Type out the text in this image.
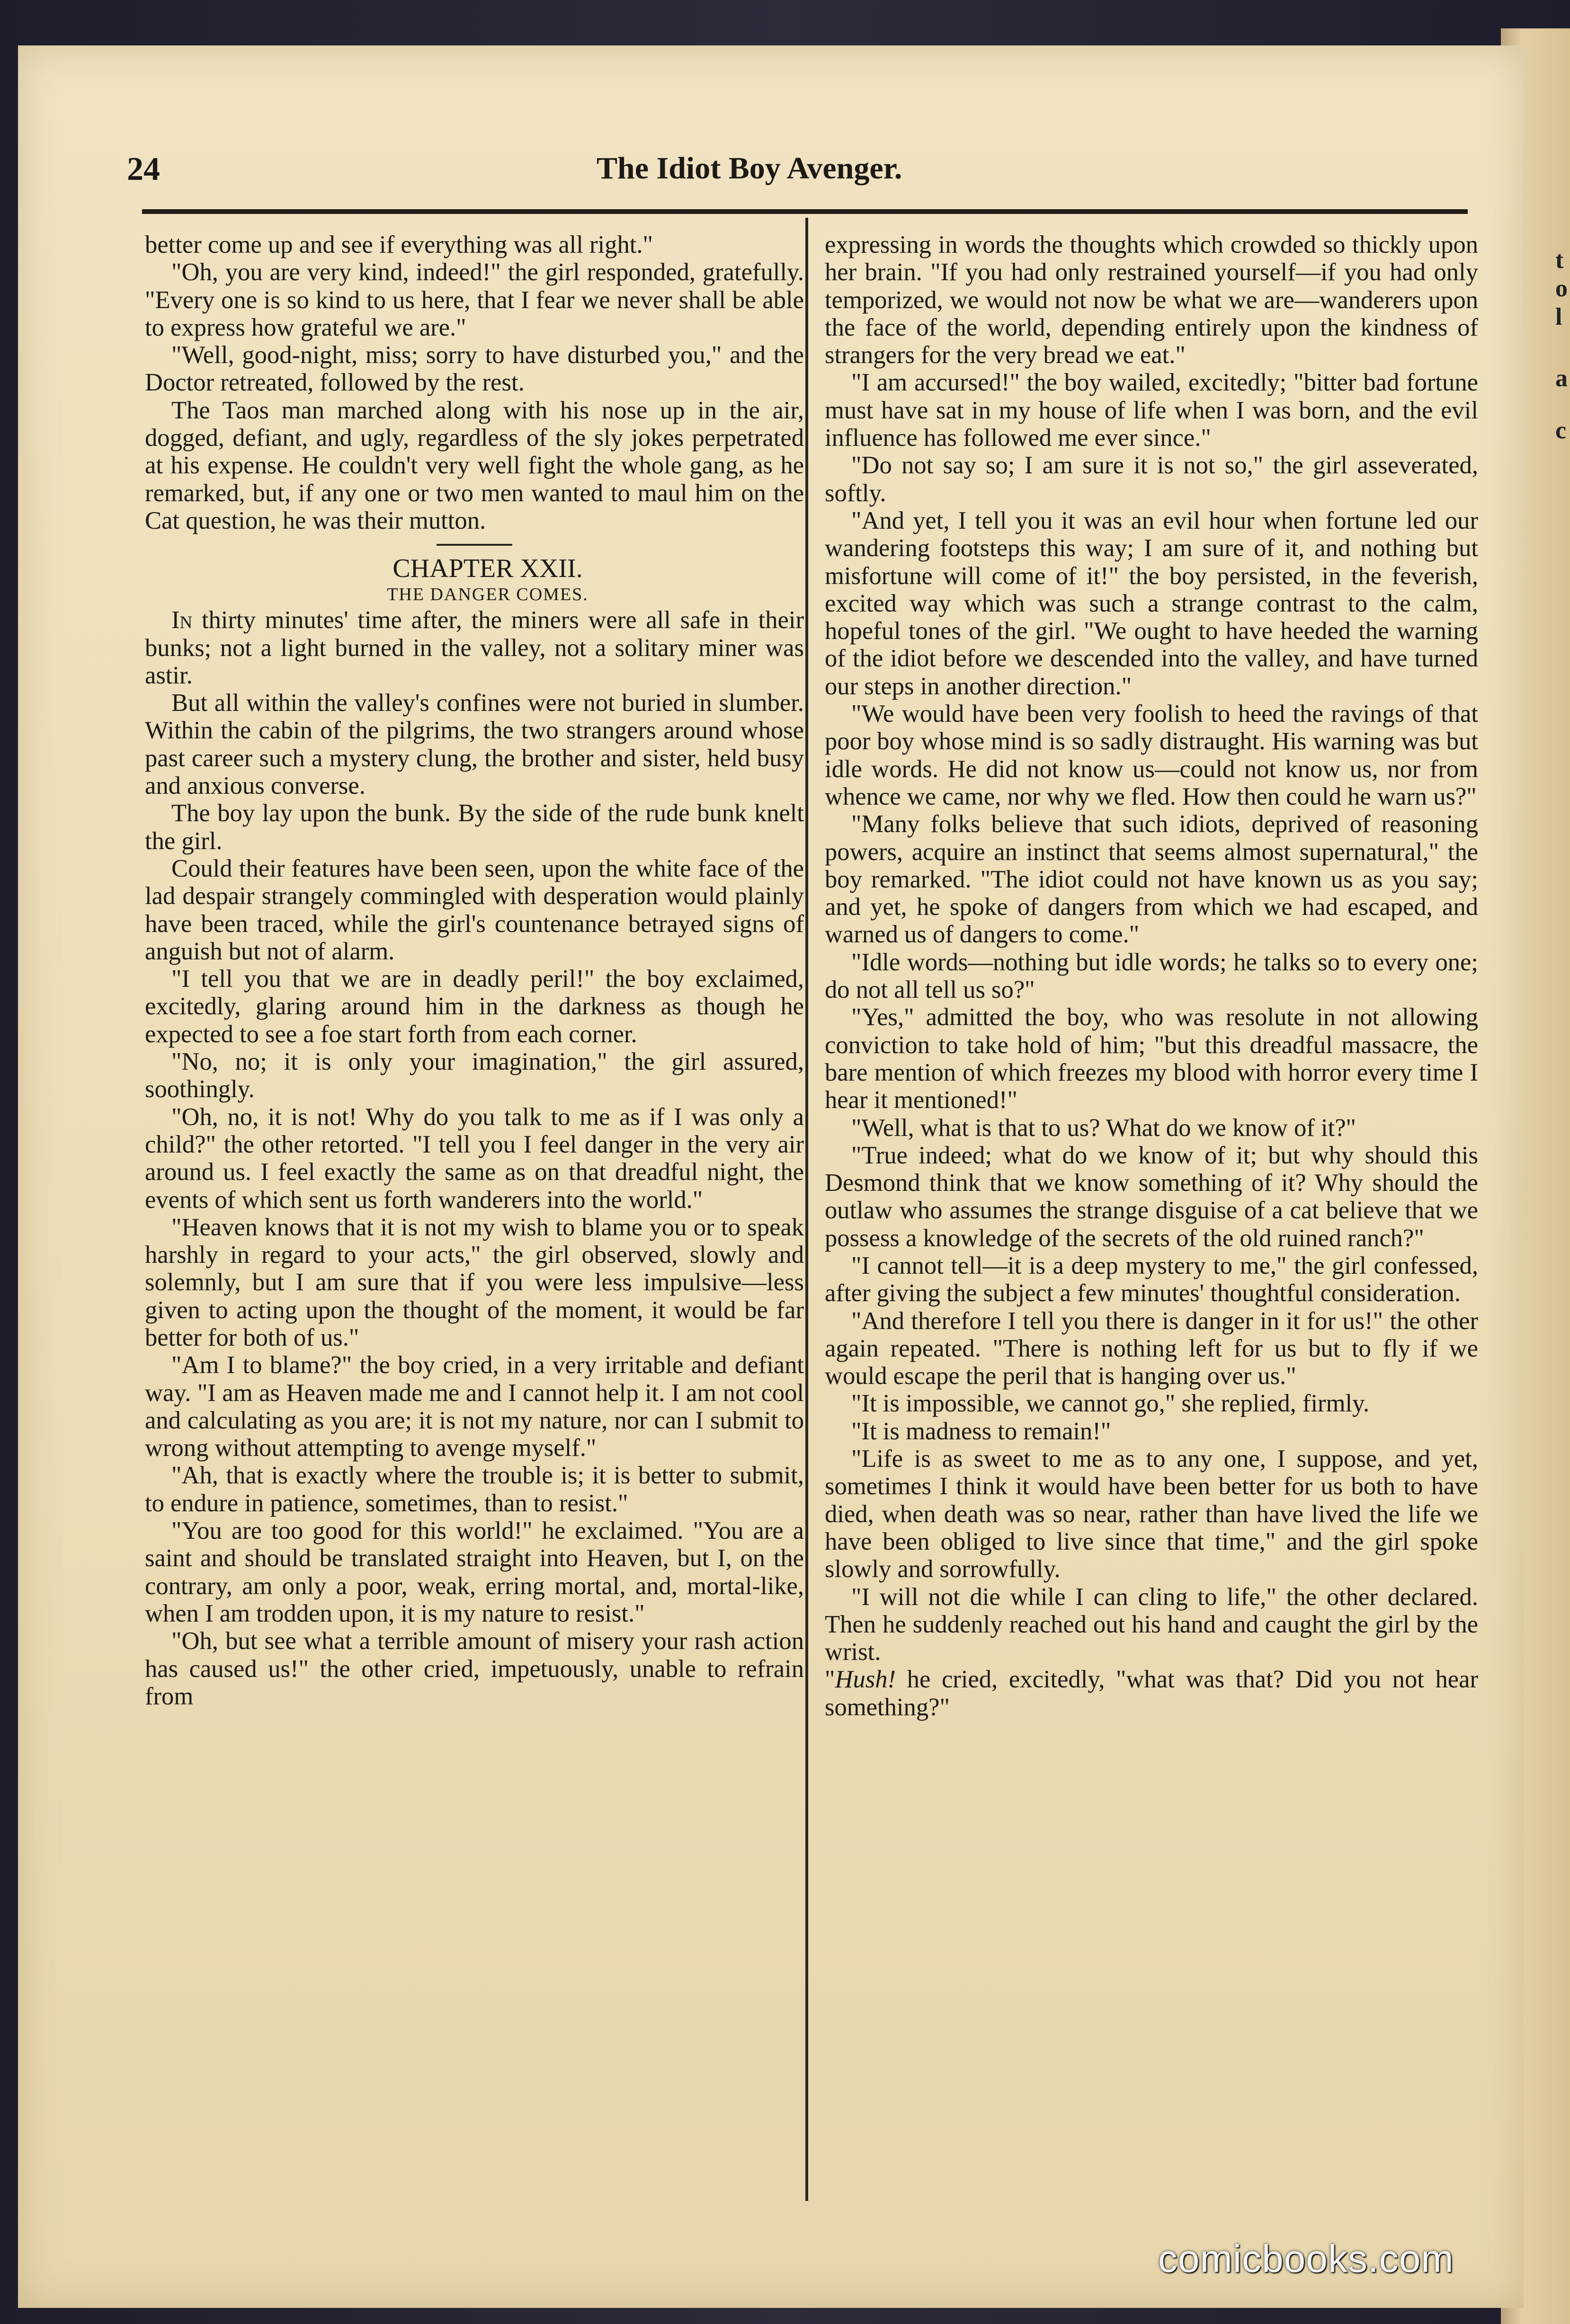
t
o
l
a
c
24	The Idiot Boy Avenger.

better come up and see if everything was all right."

"Oh, you are very kind, indeed!" the girl responded, gratefully. "Every one is so kind to us here, that I fear we never shall be able to express how grateful we are."

"Well, good-night, miss; sorry to have disturbed you," and the Doctor retreated, followed by the rest.

The Taos man marched along with his nose up in the air, dogged, defiant, and ugly, regardless of the sly jokes perpetrated at his expense. He couldn't very well fight the whole gang, as he remarked, but, if any one or two men wanted to maul him on the Cat question, he was their mutton.

CHAPTER XXII.

THE DANGER COMES.

In thirty minutes' time after, the miners were all safe in their bunks; not a light burned in the valley, not a solitary miner was astir.

But all within the valley's confines were not buried in slumber. Within the cabin of the pilgrims, the two strangers around whose past career such a mystery clung, the brother and sister, held busy and anxious converse.

The boy lay upon the bunk. By the side of the rude bunk knelt the girl.

Could their features have been seen, upon the white face of the lad despair strangely commingled with desperation would plainly have been traced, while the girl's countenance betrayed signs of anguish but not of alarm.

"I tell you that we are in deadly peril!" the boy exclaimed, excitedly, glaring around him in the darkness as though he expected to see a foe start forth from each corner.

"No, no; it is only your imagination," the girl assured, soothingly.

"Oh, no, it is not! Why do you talk to me as if I was only a child?" the other retorted. "I tell you I feel danger in the very air around us. I feel exactly the same as on that dreadful night, the events of which sent us forth wanderers into the world."

"Heaven knows that it is not my wish to blame you or to speak harshly in regard to your acts," the girl observed, slowly and solemnly, but I am sure that if you were less impulsive—less given to acting upon the thought of the moment, it would be far better for both of us."

"Am I to blame?" the boy cried, in a very irritable and defiant way. "I am as Heaven made me and I cannot help it. I am not cool and calculating as you are; it is not my nature, nor can I submit to wrong without attempting to avenge myself."

"Ah, that is exactly where the trouble is; it is better to submit, to endure in patience, sometimes, than to resist."

"You are too good for this world!" he exclaimed. "You are a saint and should be translated straight into Heaven, but I, on the contrary, am only a poor, weak, erring mortal, and, mortal-like, when I am trodden upon, it is my nature to resist."

"Oh, but see what a terrible amount of misery your rash action has caused us!" the other cried, impetuously, unable to refrain from

expressing in words the thoughts which crowded so thickly upon her brain. "If you had only restrained yourself—if you had only temporized, we would not now be what we are—wanderers upon the face of the world, depending entirely upon the kindness of strangers for the very bread we eat."

"I am accursed!" the boy wailed, excitedly; "bitter bad fortune must have sat in my house of life when I was born, and the evil influence has followed me ever since."

"Do not say so; I am sure it is not so," the girl asseverated, softly.

"And yet, I tell you it was an evil hour when fortune led our wandering footsteps this way; I am sure of it, and nothing but misfortune will come of it!" the boy persisted, in the feverish, excited way which was such a strange contrast to the calm, hopeful tones of the girl. "We ought to have heeded the warning of the idiot before we descended into the valley, and have turned our steps in another direction."

"We would have been very foolish to heed the ravings of that poor boy whose mind is so sadly distraught. His warning was but idle words. He did not know us—could not know us, nor from whence we came, nor why we fled. How then could he warn us?"

"Many folks believe that such idiots, deprived of reasoning powers, acquire an instinct that seems almost supernatural," the boy remarked. "The idiot could not have known us as you say; and yet, he spoke of dangers from which we had escaped, and warned us of dangers to come."

"Idle words—nothing but idle words; he talks so to every one; do not all tell us so?"

"Yes," admitted the boy, who was resolute in not allowing conviction to take hold of him; "but this dreadful massacre, the bare mention of which freezes my blood with horror every time I hear it mentioned!"

"Well, what is that to us? What do we know of it?"

"True indeed; what do we know of it; but why should this Desmond think that we know something of it? Why should the outlaw who assumes the strange disguise of a cat believe that we possess a knowledge of the secrets of the old ruined ranch?"

"I cannot tell—it is a deep mystery to me," the girl confessed, after giving the subject a few minutes' thoughtful consideration.

"And therefore I tell you there is danger in it for us!" the other again repeated. "There is nothing left for us but to fly if we would escape the peril that is hanging over us."

"It is impossible, we cannot go," she replied, firmly.

"It is madness to remain!"

"Life is as sweet to me as to any one, I suppose, and yet, sometimes I think it would have been better for us both to have died, when death was so near, rather than have lived the life we have been obliged to live since that time," and the girl spoke slowly and sorrowfully.

"I will not die while I can cling to life," the other declared. Then he suddenly reached out his hand and caught the girl by the wrist.

"Hush! he cried, excitedly, "what was that? Did you not hear something?"

comicbooks.com
